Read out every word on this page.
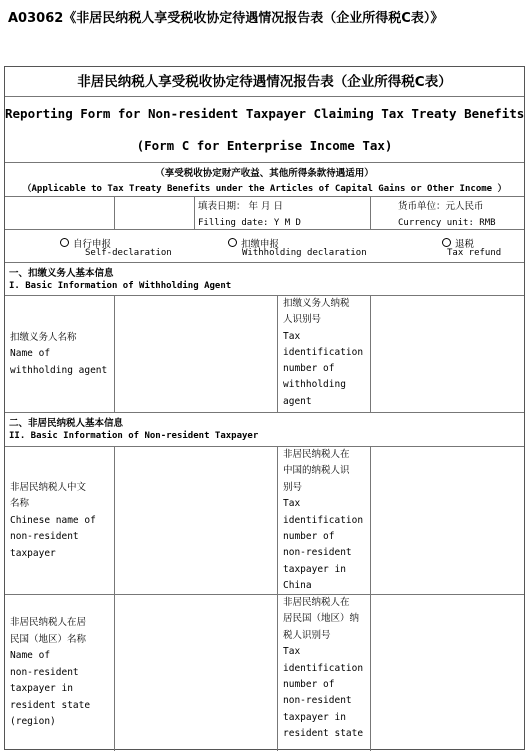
A03062《非居民纳税人享受税收协定待遇情况报告表（企业所得税C表）》
非居民纳税人享受税收协定待遇情况报告表（企业所得税C表）
Reporting Form for Non-resident Taxpayer Claiming Tax Treaty Benefits
(Form C for Enterprise Income Tax)
（享受税收协定财产收益、其他所得条款待遇适用）
（Applicable to Tax Treaty Benefits under the Articles of Capital Gains or Other Income ）
填表日期： 年 月 日
Filling date: Y M D
货币单位：元人民币
Currency unit: RMB
自行申报
Self-declaration
扣缴申报
Withholding declaration
退税
Tax refund
一、扣缴义务人基本信息
I. Basic Information of Withholding Agent
扣缴义务人名称
Name of
withholding agent
扣缴义务人纳税
人识别号
Tax
identification
number of
withholding
agent
二、非居民纳税人基本信息
II. Basic Information of Non-resident Taxpayer
非居民纳税人中文
名称
Chinese name of
non-resident
taxpayer
非居民纳税人在
中国的纳税人识
别号
Tax
identification
number of
non-resident
taxpayer in
China
非居民纳税人在居
民国（地区）名称
Name of
non-resident
taxpayer in
resident state
(region)
非居民纳税人在
居民国（地区）纳
税人识别号
Tax
identification
number of
non-resident
taxpayer in
resident state
